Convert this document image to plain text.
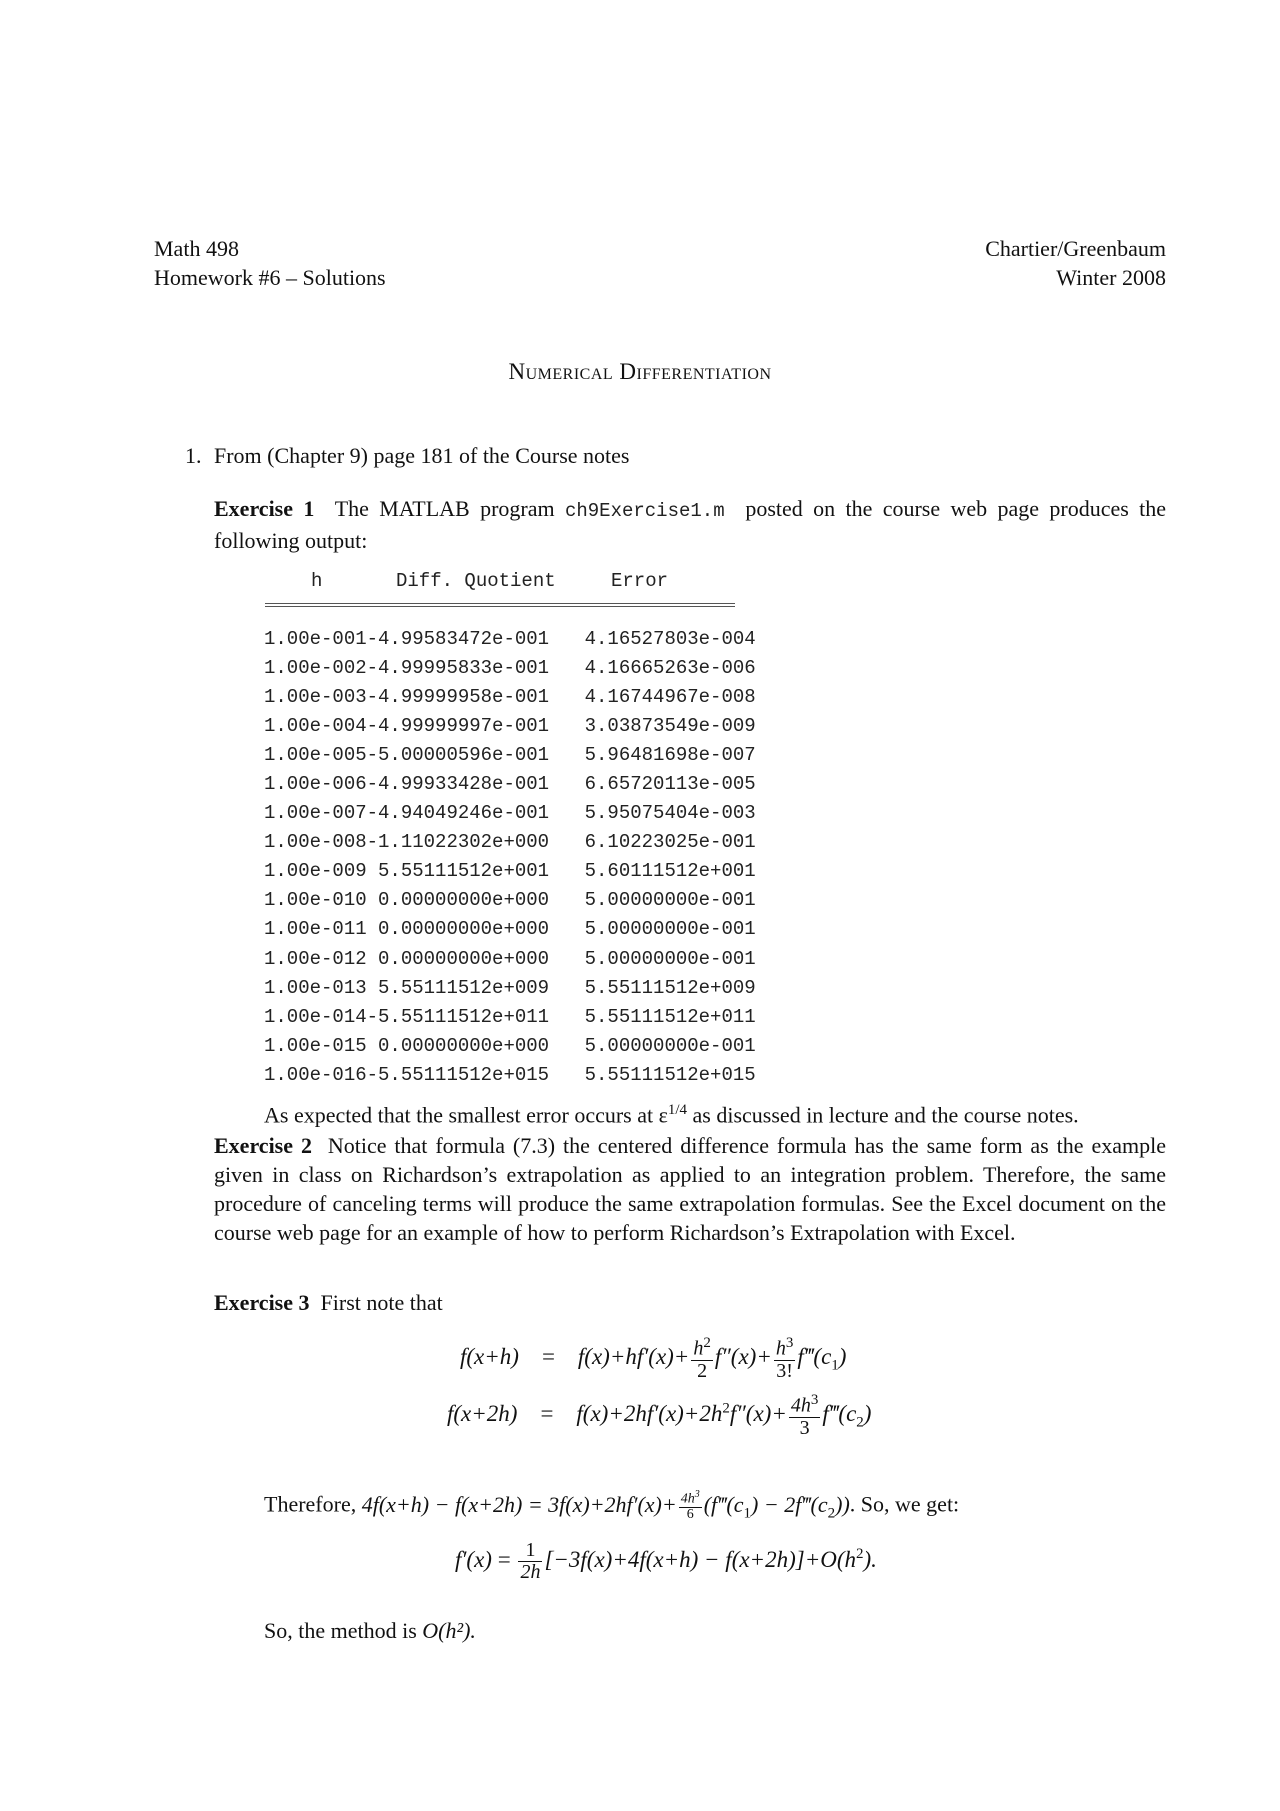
Math 498
Homework #6 – Solutions
Chartier/Greenbaum
Winter 2008
Numerical Differentiation
1. From (Chapter 9) page 181 of the Course notes
Exercise 1 The MATLAB program ch9Exercise1.m posted on the course web page produces the following output:
h	Diff. Quotient	Error
1.00e-001	-4.99583472e-001	4.16527803e-004
1.00e-002	-4.99995833e-001	4.16665263e-006
1.00e-003	-4.99999958e-001	4.16744967e-008
1.00e-004	-4.99999997e-001	3.03873549e-009
1.00e-005	-5.00000596e-001	5.96481698e-007
1.00e-006	-4.99933428e-001	6.65720113e-005
1.00e-007	-4.94049246e-001	5.95075404e-003
1.00e-008	-1.11022302e+000	6.10223025e-001
1.00e-009	5.55111512e+001	5.60111512e+001
1.00e-010	0.00000000e+000	5.00000000e-001
1.00e-011	0.00000000e+000	5.00000000e-001
1.00e-012	0.00000000e+000	5.00000000e-001
1.00e-013	5.55111512e+009	5.55111512e+009
1.00e-014	-5.55111512e+011	5.55111512e+011
1.00e-015	0.00000000e+000	5.00000000e-001
1.00e-016	-5.55111512e+015	5.55111512e+015
As expected that the smallest error occurs at $\varepsilon^{1/4}$ as discussed in lecture and the course notes.
Exercise 2 Notice that formula (7.3) the centered difference formula has the same form as the example given in class on Richardson’s extrapolation as applied to an integration problem. Therefore, the same procedure of canceling terms will produce the same extrapolation formulas. See the Excel document on the course web page for an example of how to perform Richardson’s Extrapolation with Excel.
Exercise 3 First note that
f(x+h)    =    $f(x)+hf'(x)+ \frac{h^2}{2} f''(x)+ \frac{h^3}{3!}$ $f‴(c_1)$
f(x+2h)    =    $f(x)+2hf'(x)+2h^2f''(x)+ \frac{4h^3}{3}$ $f‴(c_2)$
Therefore, $4f(x+h) - f(x+2h) = 3f(x)+2hf'(x)+ \frac{4h^3}{6}$ ($f‴(c_1)$ − $2f‴(c_2)$). So, we get:
$f'(x) = \frac{1}{2h} [-3f(x)+4f(x+h) - f(x+2h)]+O(h^2)$.
So, the method is O(h²).
